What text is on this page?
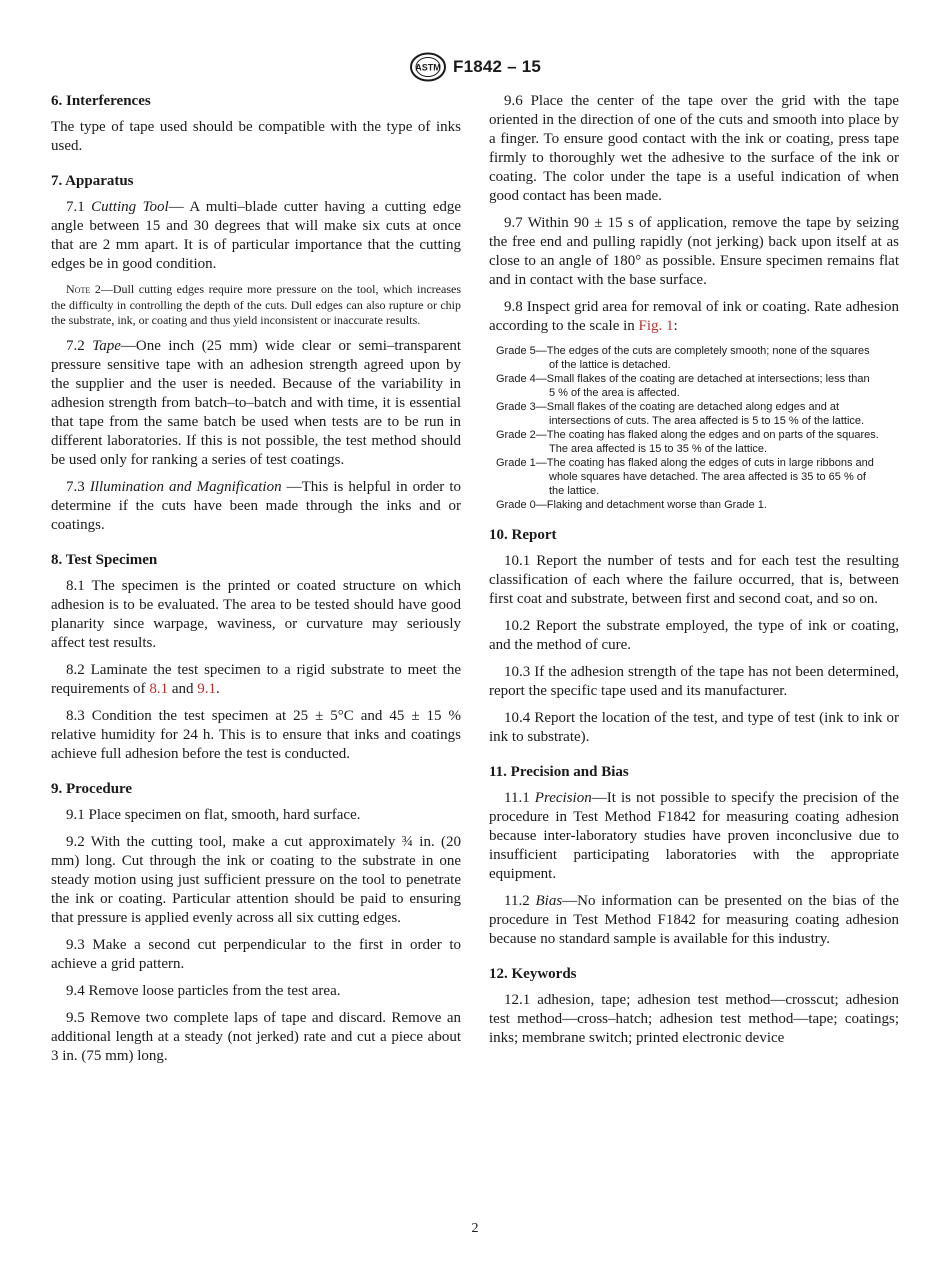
ASTM F1842 – 15
6. Interferences

The type of tape used should be compatible with the type of inks used.

7. Apparatus

7.1 Cutting Tool— A multi–blade cutter having a cutting edge angle between 15 and 30 degrees that will make six cuts at once that are 2 mm apart. It is of particular importance that the cutting edges be in good condition.

Note 2—Dull cutting edges require more pressure on the tool, which increases the difficulty in controlling the depth of the cuts. Dull edges can also rupture or chip the substrate, ink, or coating and thus yield inconsistent or inaccurate results.

7.2 Tape—One inch (25 mm) wide clear or semi–transparent pressure sensitive tape with an adhesion strength agreed upon by the supplier and the user is needed. Because of the variability in adhesion strength from batch–to–batch and with time, it is essential that tape from the same batch be used when tests are to be run in different laboratories. If this is not possible, the test method should be used only for ranking a series of test coatings.

7.3 Illumination and Magnification —This is helpful in order to determine if the cuts have been made through the inks and or coatings.

8. Test Specimen

8.1 The specimen is the printed or coated structure on which adhesion is to be evaluated. The area to be tested should have good planarity since warpage, waviness, or curvature may seriously affect test results.

8.2 Laminate the test specimen to a rigid substrate to meet the requirements of 8.1 and 9.1.

8.3 Condition the test specimen at 25 ± 5°C and 45 ± 15 % relative humidity for 24 h. This is to ensure that inks and coatings achieve full adhesion before the test is conducted.

9. Procedure

9.1 Place specimen on flat, smooth, hard surface.

9.2 With the cutting tool, make a cut approximately ¾ in. (20 mm) long. Cut through the ink or coating to the substrate in one steady motion using just sufficient pressure on the tool to penetrate the ink or coating. Particular attention should be paid to ensuring that pressure is applied evenly across all six cutting edges.

9.3 Make a second cut perpendicular to the first in order to achieve a grid pattern.

9.4 Remove loose particles from the test area.

9.5 Remove two complete laps of tape and discard. Remove an additional length at a steady (not jerked) rate and cut a piece about 3 in. (75 mm) long.

9.6 Place the center of the tape over the grid with the tape oriented in the direction of one of the cuts and smooth into place by a finger. To ensure good contact with the ink or coating, press tape firmly to thoroughly wet the adhesive to the surface of the ink or coating. The color under the tape is a useful indication of when good contact has been made.

9.7 Within 90 ± 15 s of application, remove the tape by seizing the free end and pulling rapidly (not jerking) back upon itself at as close to an angle of 180° as possible. Ensure specimen remains flat and in contact with the base surface.

9.8 Inspect grid area for removal of ink or coating. Rate adhesion according to the scale in Fig. 1:

Grade 5—The edges of the cuts are completely smooth; none of the squares
of the lattice is detached.
Grade 4—Small flakes of the coating are detached at intersections; less than
5 % of the area is affected.
Grade 3—Small flakes of the coating are detached along edges and at
intersections of cuts. The area affected is 5 to 15 % of the lattice.
Grade 2—The coating has flaked along the edges and on parts of the squares.
The area affected is 15 to 35 % of the lattice.
Grade 1—The coating has flaked along the edges of cuts in large ribbons and
whole squares have detached. The area affected is 35 to 65 % of
the lattice.
Grade 0—Flaking and detachment worse than Grade 1.
10. Report

10.1 Report the number of tests and for each test the resulting classification of each where the failure occurred, that is, between first coat and substrate, between first and second coat, and so on.

10.2 Report the substrate employed, the type of ink or coating, and the method of cure.

10.3 If the adhesion strength of the tape has not been determined, report the specific tape used and its manufacturer.

10.4 Report the location of the test, and type of test (ink to ink or ink to substrate).

11. Precision and Bias

11.1 Precision—It is not possible to specify the precision of the procedure in Test Method F1842 for measuring coating adhesion because inter-laboratory studies have proven inconclusive due to insufficient participating laboratories with the appropriate equipment.

11.2 Bias—No information can be presented on the bias of the procedure in Test Method F1842 for measuring coating adhesion because no standard sample is available for this industry.

12. Keywords

12.1 adhesion, tape; adhesion test method—crosscut; adhesion test method—cross–hatch; adhesion test method—tape; coatings; inks; membrane switch; printed electronic device

2
